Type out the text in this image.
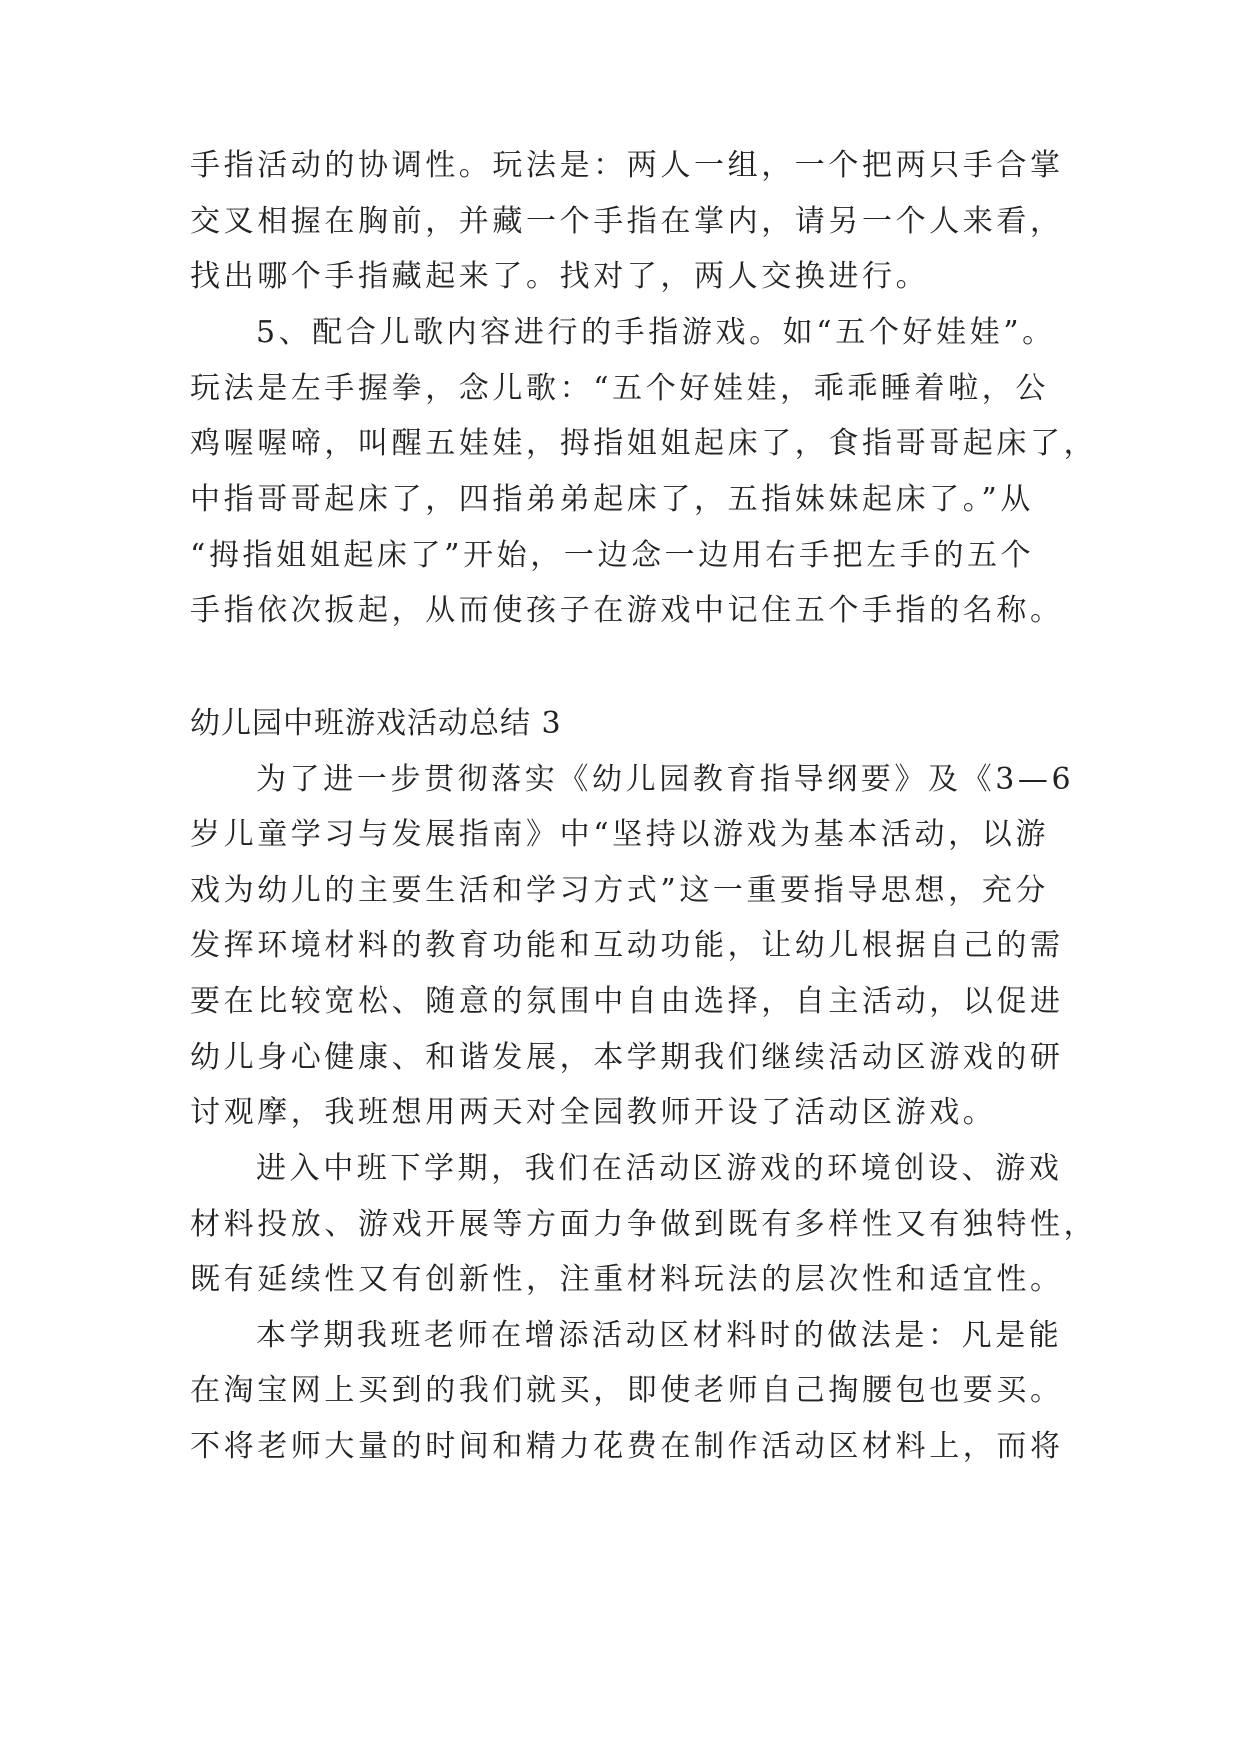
手指活动的协调性。玩法是：两人一组，一个把两只手合掌
交叉相握在胸前，并藏一个手指在掌内，请另一个人来看，
找出哪个手指藏起来了。找对了，两人交换进行。
5、配合儿歌内容进行的手指游戏。如“五个好娃娃”。
玩法是左手握拳，念儿歌：“五个好娃娃，乖乖睡着啦，公
鸡喔喔啼，叫醒五娃娃，拇指姐姐起床了，食指哥哥起床了，
中指哥哥起床了，四指弟弟起床了，五指妹妹起床了。”从
“拇指姐姐起床了”开始，一边念一边用右手把左手的五个
手指依次扳起，从而使孩子在游戏中记住五个手指的名称。
幼儿园中班游戏活动总结 3
为了进一步贯彻落实《幼儿园教育指导纲要》及《3—6
岁儿童学习与发展指南》中“坚持以游戏为基本活动，以游
戏为幼儿的主要生活和学习方式”这一重要指导思想，充分
发挥环境材料的教育功能和互动功能，让幼儿根据自己的需
要在比较宽松、随意的氛围中自由选择，自主活动，以促进
幼儿身心健康、和谐发展，本学期我们继续活动区游戏的研
讨观摩，我班想用两天对全园教师开设了活动区游戏。
进入中班下学期，我们在活动区游戏的环境创设、游戏
材料投放、游戏开展等方面力争做到既有多样性又有独特性，
既有延续性又有创新性，注重材料玩法的层次性和适宜性。
本学期我班老师在增添活动区材料时的做法是：凡是能
在淘宝网上买到的我们就买，即使老师自己掏腰包也要买。
不将老师大量的时间和精力花费在制作活动区材料上，而将
